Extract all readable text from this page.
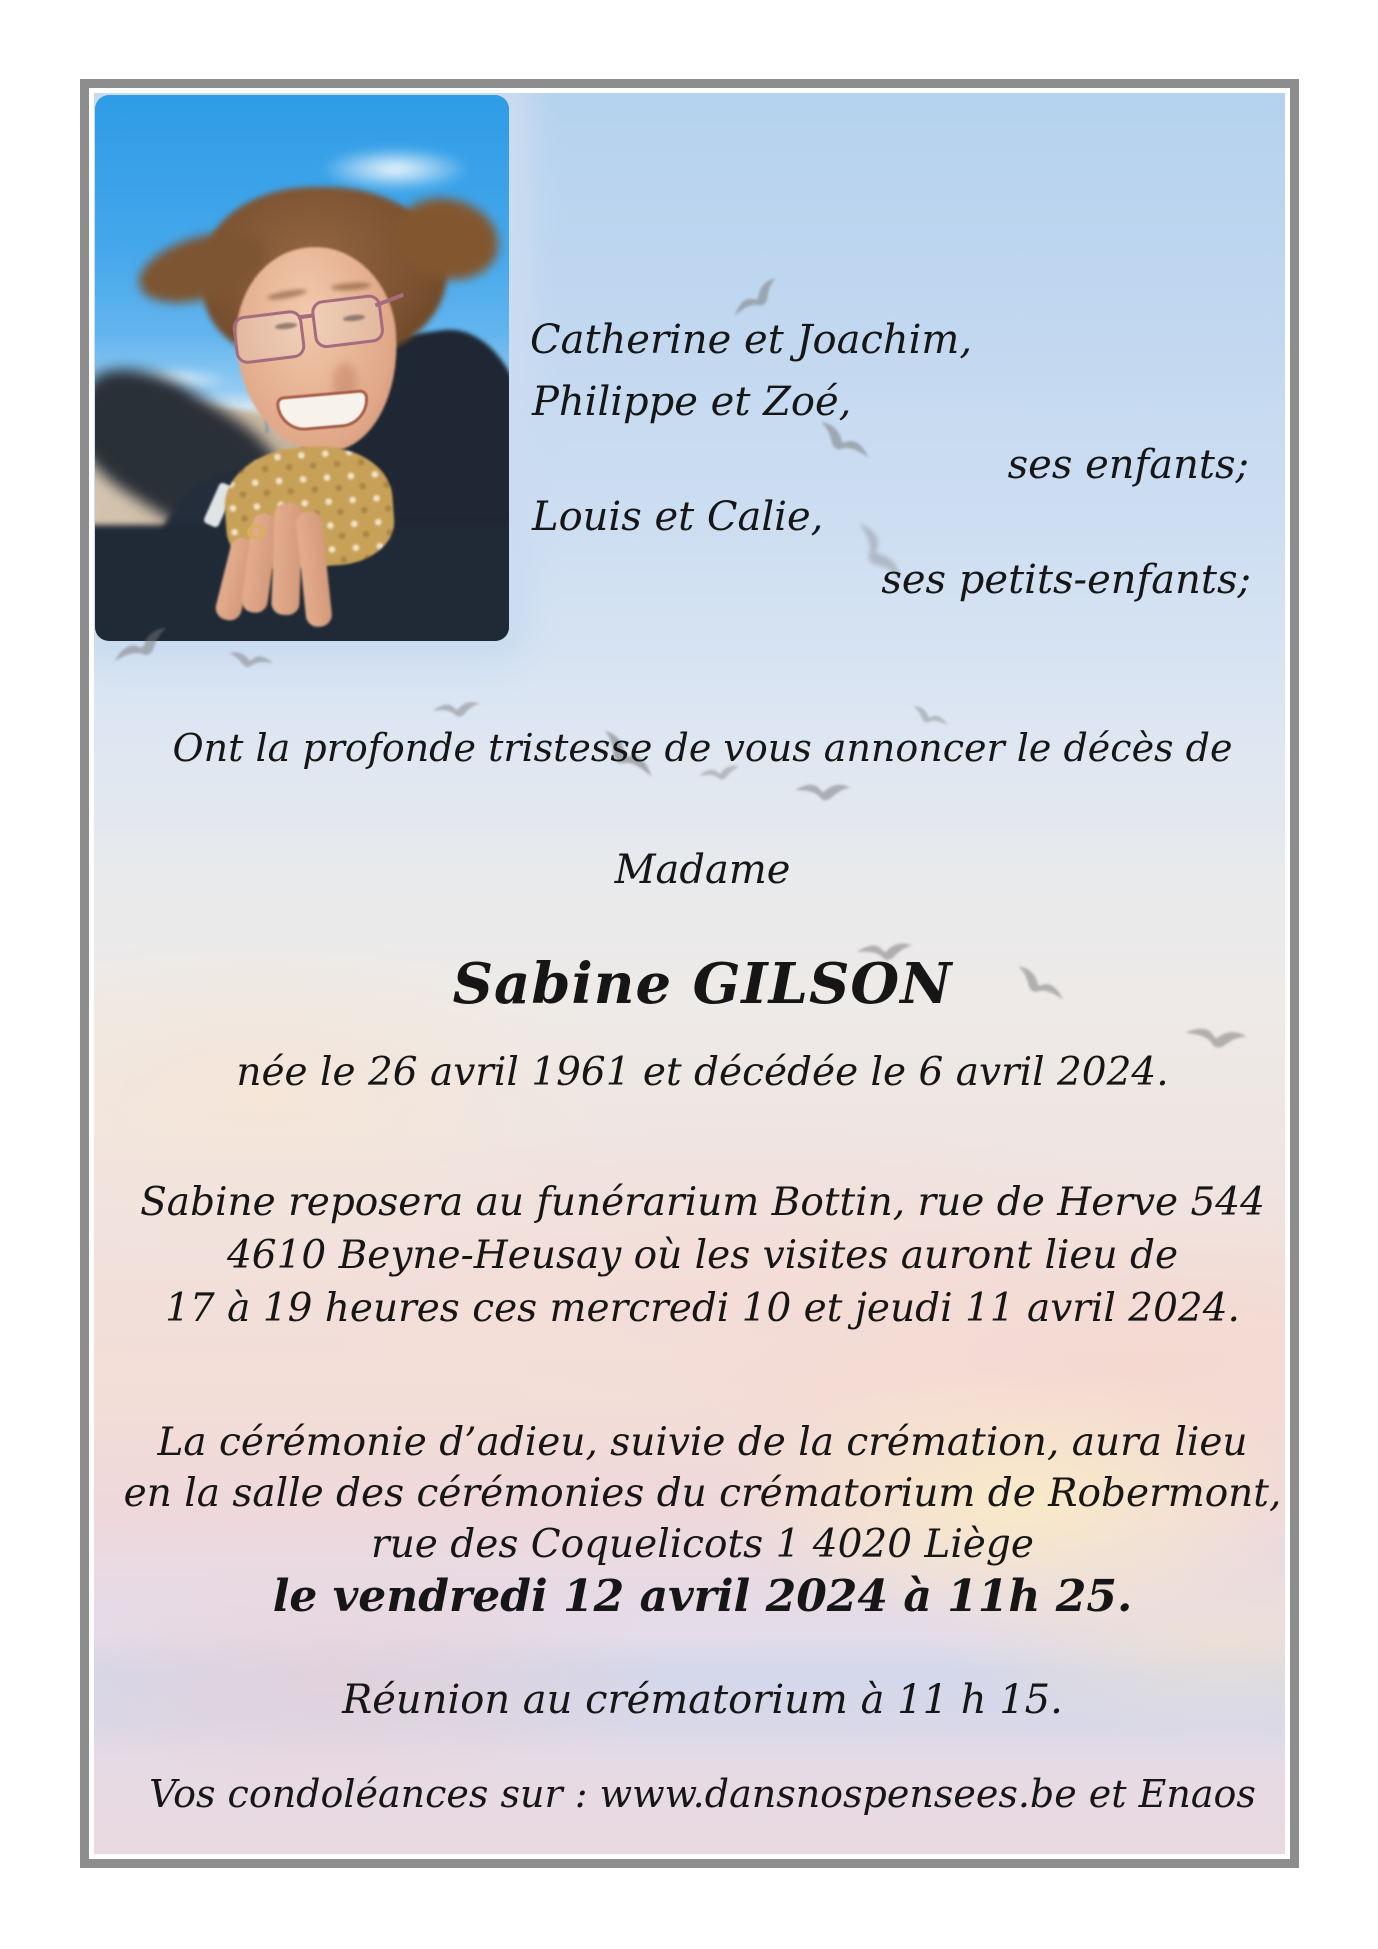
Catherine et Joachim,
Philippe et Zoé,
ses enfants;
Louis et Calie,
ses petits-enfants;
Ont la profonde tristesse de vous annoncer le décès de
Madame
Sabine GILSON
née le 26 avril 1961 et décédée le 6 avril 2024.
Sabine reposera au funérarium Bottin, rue de Herve 544
4610 Beyne-Heusay où les visites auront lieu de
17 à 19 heures ces mercredi 10 et jeudi 11 avril 2024.
La cérémonie d’adieu, suivie de la crémation, aura lieu
en la salle des cérémonies du crématorium de Robermont,
rue des Coquelicots 1 4020 Liège
le vendredi 12 avril 2024 à 11h 25.
Réunion au crématorium à 11 h 15.
Vos condoléances sur : www.dansnospensees.be et Enaos
